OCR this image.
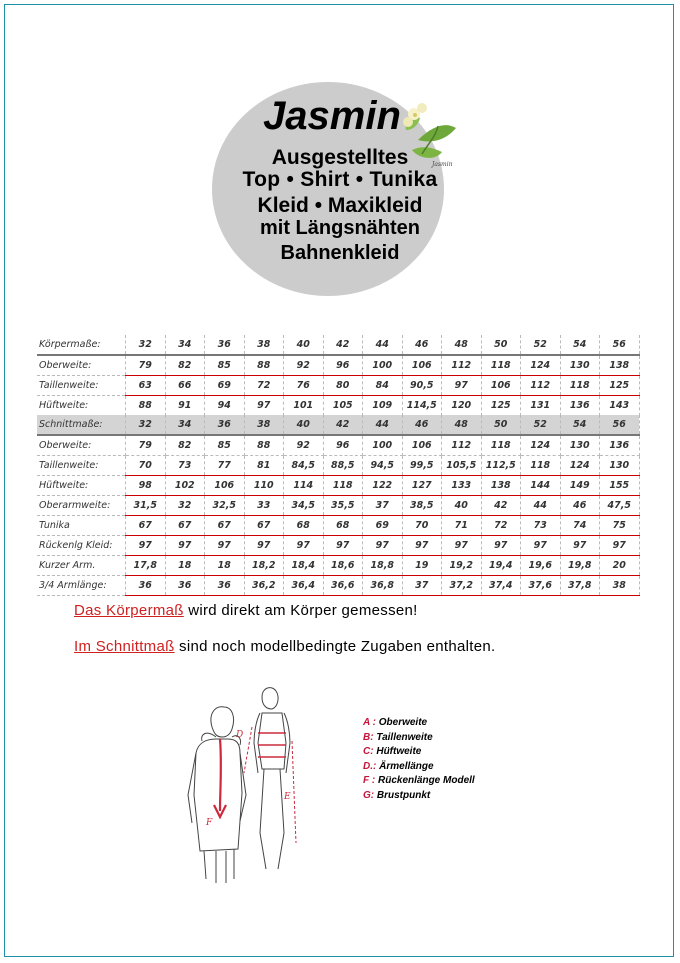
Jasmin
Jasmin
Ausgestelltes
Top • Shirt • Tunika
Kleid • Maxikleid
mit Längsnähten
Bahnenkleid
Körpermaße:	32	34	36	38	40	42	44	46	48	50	52	54	56
Oberweite:	79	82	85	88	92	96	100	106	112	118	124	130	138
Taillenweite:	63	66	69	72	76	80	84	90,5	97	106	112	118	125
Hüftweite:	88	91	94	97	101	105	109	114,5	120	125	131	136	143
Schnittmaße:	32	34	36	38	40	42	44	46	48	50	52	54	56
Oberweite:	79	82	85	88	92	96	100	106	112	118	124	130	136
Taillenweite:	70	73	77	81	84,5	88,5	94,5	99,5	105,5	112,5	118	124	130
Hüftweite:	98	102	106	110	114	118	122	127	133	138	144	149	155
Oberarmweite:	31,5	32	32,5	33	34,5	35,5	37	38,5	40	42	44	46	47,5
Tunika	67	67	67	67	68	68	69	70	71	72	73	74	75
Rückenlg Kleid:	97	97	97	97	97	97	97	97	97	97	97	97	97
Kurzer Arm.	17,8	18	18	18,2	18,4	18,6	18,8	19	19,2	19,4	19,6	19,8	20
3/4 Armlänge:	36	36	36	36,2	36,4	36,6	36,8	37	37,2	37,4	37,6	37,8	38
Das Körpermaß wird direkt am Körper gemessen!
Im Schnittmaß sind noch modellbedingte Zugaben enthalten.
F
D
E
A : Oberweite
B: Taillenweite
C: Hüftweite
D.: Ärmellänge
F : Rückenlänge Modell
G: Brustpunkt
